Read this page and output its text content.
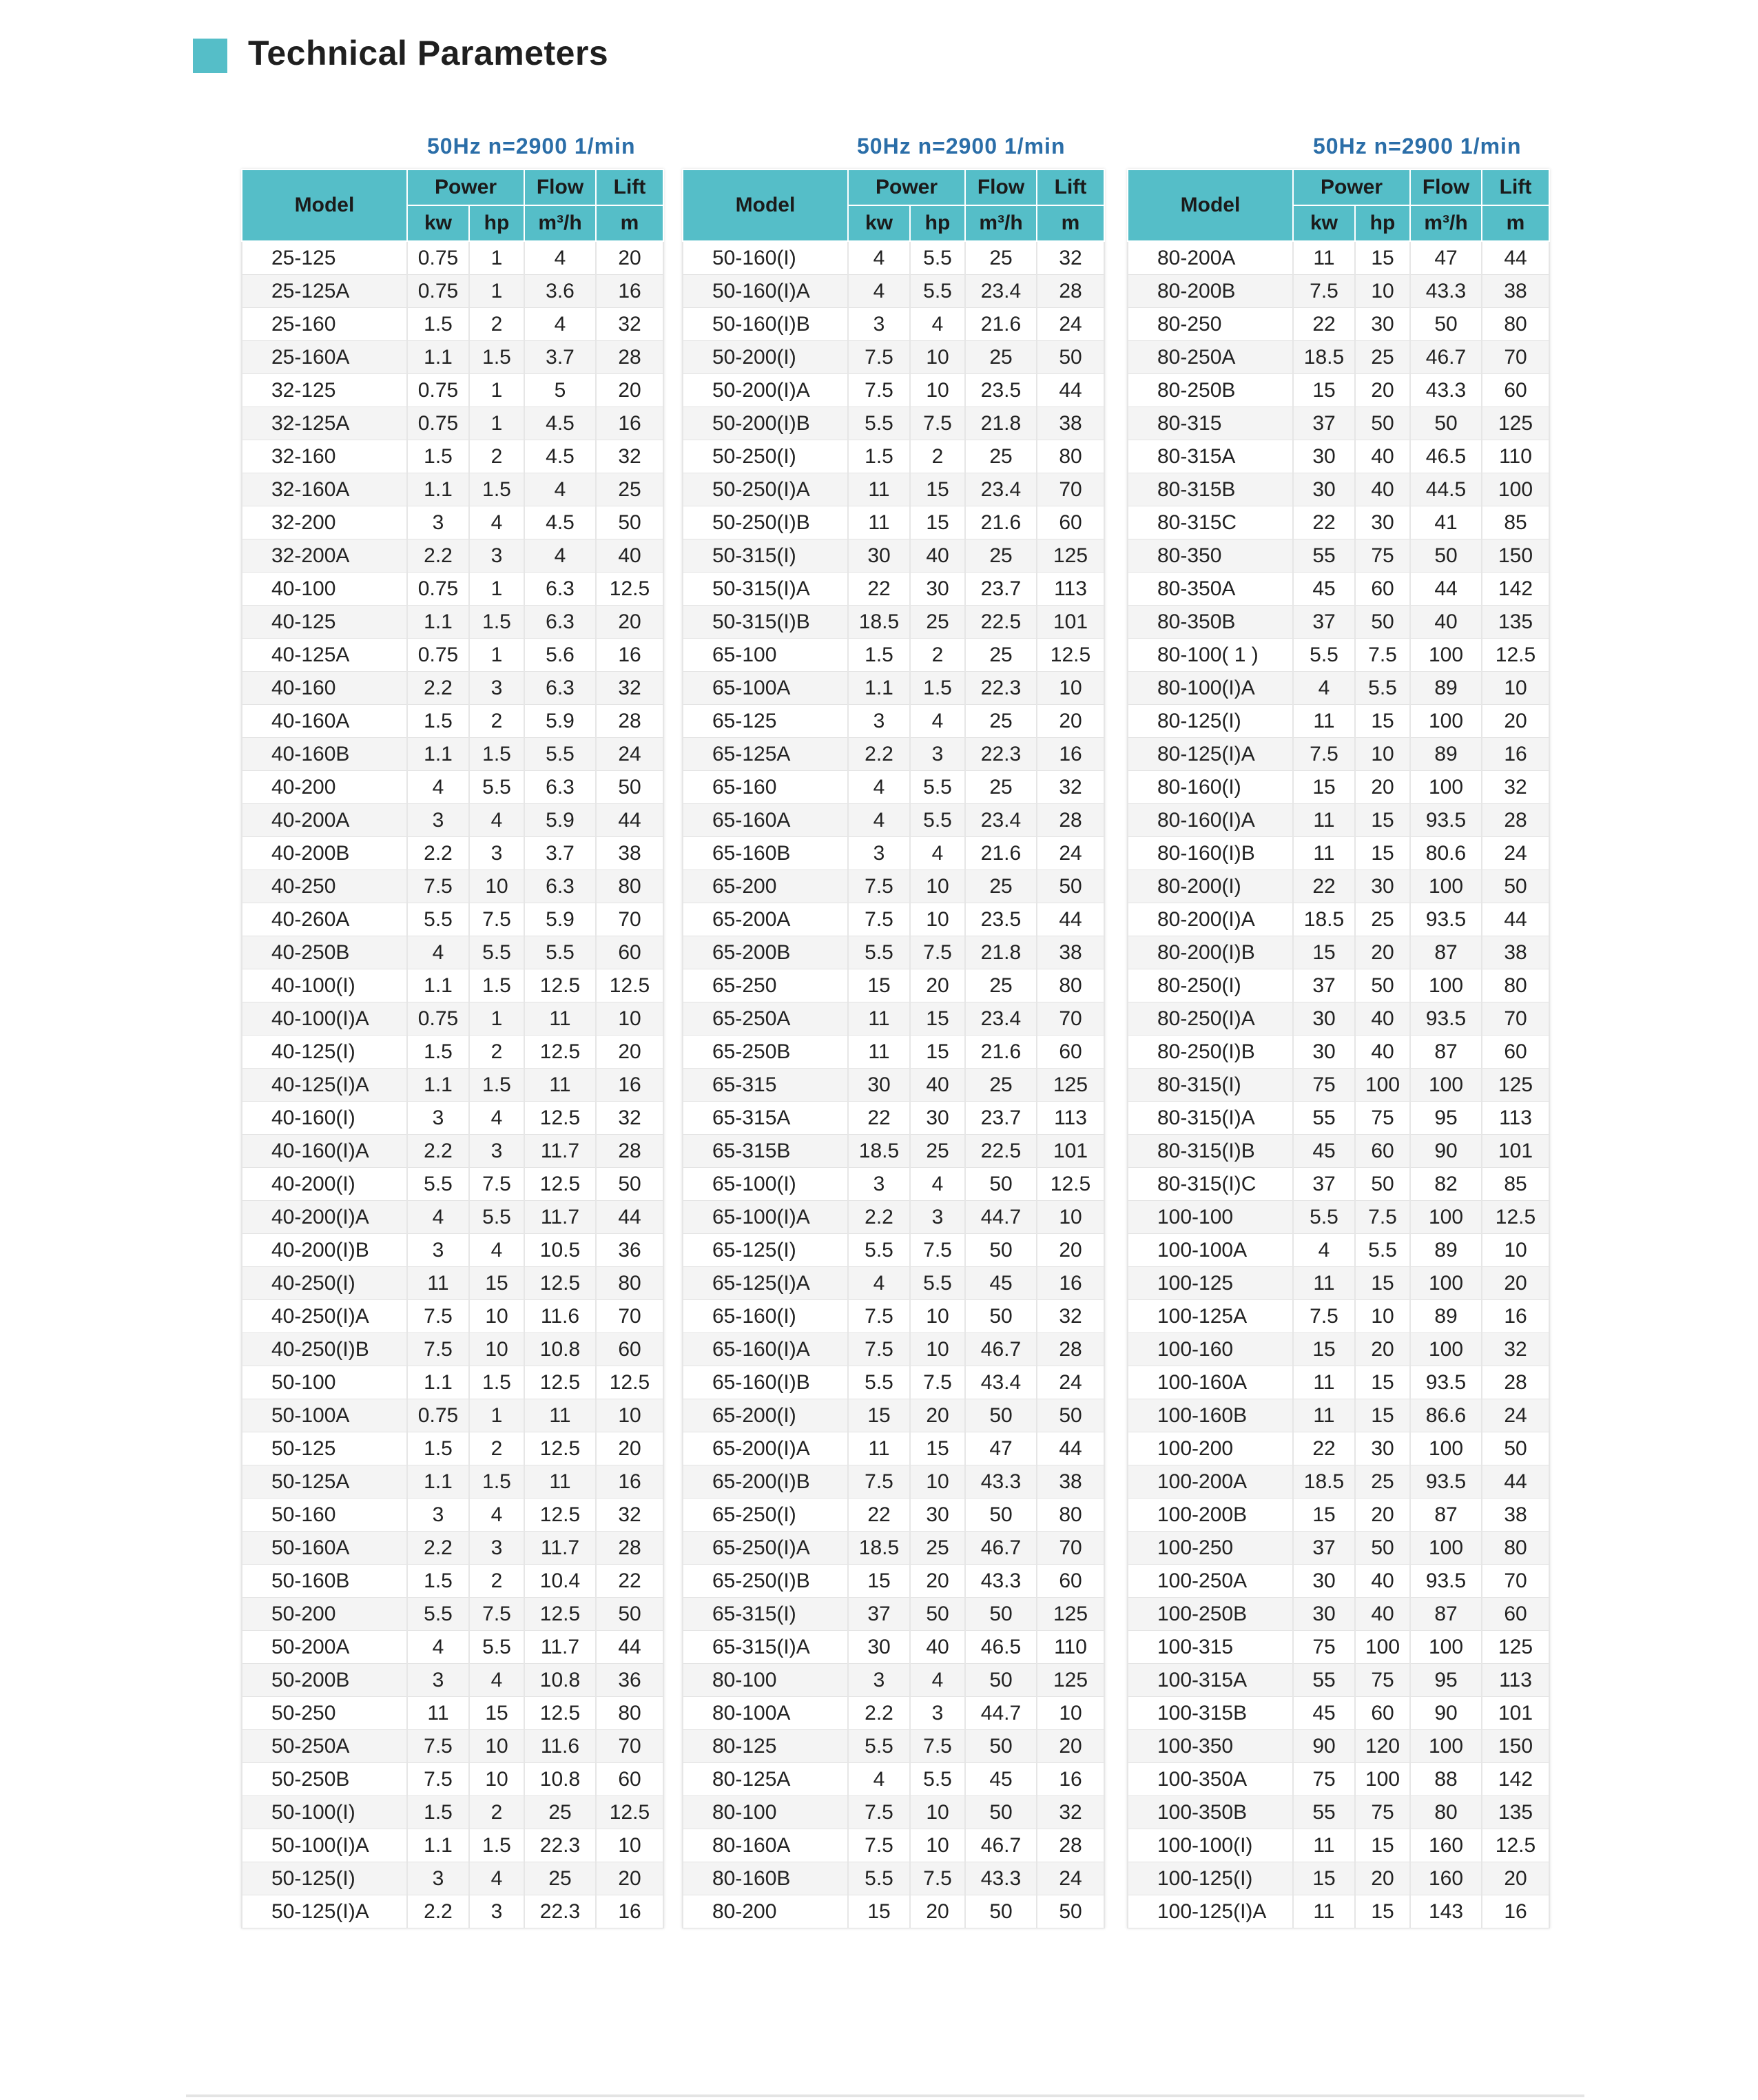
Technical Parameters
50Hz n=2900 1/min	50Hz n=2900 1/min	50Hz n=2900 1/min
Model	Power		Flow	Lift
	kw	hp	m³/h	m
25-125	0.75	1	4	20
25-125A	0.75	1	3.6	16
25-160	1.5	2	4	32
25-160A	1.1	1.5	3.7	28
32-125	0.75	1	5	20
32-125A	0.75	1	4.5	16
32-160	1.5	2	4.5	32
32-160A	1.1	1.5	4	25
32-200	3	4	4.5	50
32-200A	2.2	3	4	40
40-100	0.75	1	6.3	12.5
40-125	1.1	1.5	6.3	20
40-125A	0.75	1	5.6	16
40-160	2.2	3	6.3	32
40-160A	1.5	2	5.9	28
40-160B	1.1	1.5	5.5	24
40-200	4	5.5	6.3	50
40-200A	3	4	5.9	44
40-200B	2.2	3	3.7	38
40-250	7.5	10	6.3	80
40-260A	5.5	7.5	5.9	70
40-250B	4	5.5	5.5	60
40-100(I)	1.1	1.5	12.5	12.5
40-100(I)A	0.75	1	11	10
40-125(I)	1.5	2	12.5	20
40-125(I)A	1.1	1.5	11	16
40-160(I)	3	4	12.5	32
40-160(I)A	2.2	3	11.7	28
40-200(I)	5.5	7.5	12.5	50
40-200(I)A	4	5.5	11.7	44
40-200(I)B	3	4	10.5	36
40-250(I)	11	15	12.5	80
40-250(I)A	7.5	10	11.6	70
40-250(I)B	7.5	10	10.8	60
50-100	1.1	1.5	12.5	12.5
50-100A	0.75	1	11	10
50-125	1.5	2	12.5	20
50-125A	1.1	1.5	11	16
50-160	3	4	12.5	32
50-160A	2.2	3	11.7	28
50-160B	1.5	2	10.4	22
50-200	5.5	7.5	12.5	50
50-200A	4	5.5	11.7	44
50-200B	3	4	10.8	36
50-250	11	15	12.5	80
50-250A	7.5	10	11.6	70
50-250B	7.5	10	10.8	60
50-100(I)	1.5	2	25	12.5
50-100(I)A	1.1	1.5	22.3	10
50-125(I)	3	4	25	20
50-125(I)A	2.2	3	22.3	16
Model	Power		Flow	Lift
	kw	hp	m³/h	m
50-160(I)	4	5.5	25	32
50-160(I)A	4	5.5	23.4	28
50-160(I)B	3	4	21.6	24
50-200(I)	7.5	10	25	50
50-200(I)A	7.5	10	23.5	44
50-200(I)B	5.5	7.5	21.8	38
50-250(I)	1.5	2	25	80
50-250(I)A	11	15	23.4	70
50-250(I)B	11	15	21.6	60
50-315(I)	30	40	25	125
50-315(I)A	22	30	23.7	113
50-315(I)B	18.5	25	22.5	101
65-100	1.5	2	25	12.5
65-100A	1.1	1.5	22.3	10
65-125	3	4	25	20
65-125A	2.2	3	22.3	16
65-160	4	5.5	25	32
65-160A	4	5.5	23.4	28
65-160B	3	4	21.6	24
65-200	7.5	10	25	50
65-200A	7.5	10	23.5	44
65-200B	5.5	7.5	21.8	38
65-250	15	20	25	80
65-250A	11	15	23.4	70
65-250B	11	15	21.6	60
65-315	30	40	25	125
65-315A	22	30	23.7	113
65-315B	18.5	25	22.5	101
65-100(I)	3	4	50	12.5
65-100(I)A	2.2	3	44.7	10
65-125(I)	5.5	7.5	50	20
65-125(I)A	4	5.5	45	16
65-160(I)	7.5	10	50	32
65-160(I)A	7.5	10	46.7	28
65-160(I)B	5.5	7.5	43.4	24
65-200(I)	15	20	50	50
65-200(I)A	11	15	47	44
65-200(I)B	7.5	10	43.3	38
65-250(I)	22	30	50	80
65-250(I)A	18.5	25	46.7	70
65-250(I)B	15	20	43.3	60
65-315(I)	37	50	50	125
65-315(I)A	30	40	46.5	110
80-100	3	4	50	125
80-100A	2.2	3	44.7	10
80-125	5.5	7.5	50	20
80-125A	4	5.5	45	16
80-100	7.5	10	50	32
80-160A	7.5	10	46.7	28
80-160B	5.5	7.5	43.3	24
80-200	15	20	50	50
Model	Power		Flow	Lift
	kw	hp	m³/h	m
80-200A	11	15	47	44
80-200B	7.5	10	43.3	38
80-250	22	30	50	80
80-250A	18.5	25	46.7	70
80-250B	15	20	43.3	60
80-315	37	50	50	125
80-315A	30	40	46.5	110
80-315B	30	40	44.5	100
80-315C	22	30	41	85
80-350	55	75	50	150
80-350A	45	60	44	142
80-350B	37	50	40	135
80-100( 1 )	5.5	7.5	100	12.5
80-100(I)A	4	5.5	89	10
80-125(I)	11	15	100	20
80-125(I)A	7.5	10	89	16
80-160(I)	15	20	100	32
80-160(I)A	11	15	93.5	28
80-160(I)B	11	15	80.6	24
80-200(I)	22	30	100	50
80-200(I)A	18.5	25	93.5	44
80-200(I)B	15	20	87	38
80-250(I)	37	50	100	80
80-250(I)A	30	40	93.5	70
80-250(I)B	30	40	87	60
80-315(I)	75	100	100	125
80-315(I)A	55	75	95	113
80-315(I)B	45	60	90	101
80-315(I)C	37	50	82	85
100-100	5.5	7.5	100	12.5
100-100A	4	5.5	89	10
100-125	11	15	100	20
100-125A	7.5	10	89	16
100-160	15	20	100	32
100-160A	11	15	93.5	28
100-160B	11	15	86.6	24
100-200	22	30	100	50
100-200A	18.5	25	93.5	44
100-200B	15	20	87	38
100-250	37	50	100	80
100-250A	30	40	93.5	70
100-250B	30	40	87	60
100-315	75	100	100	125
100-315A	55	75	95	113
100-315B	45	60	90	101
100-350	90	120	100	150
100-350A	75	100	88	142
100-350B	55	75	80	135
100-100(I)	11	15	160	12.5
100-125(I)	15	20	160	20
100-125(I)A	11	15	143	16
